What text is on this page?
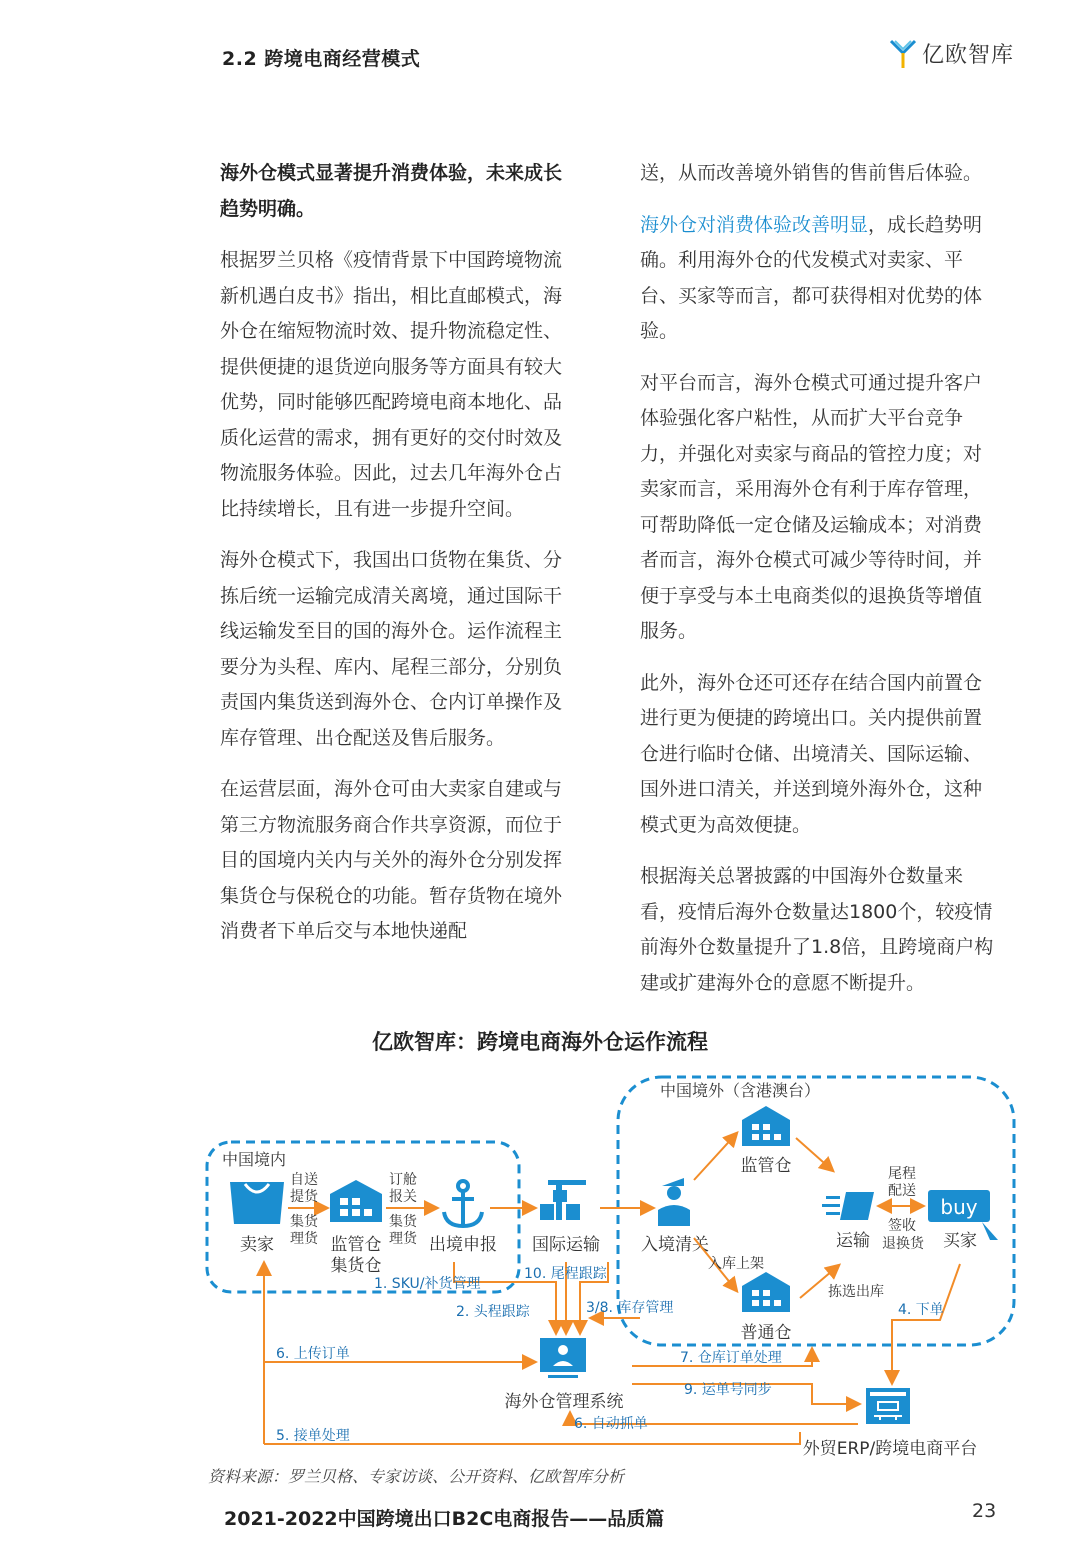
2.2 跨境电商经营模式	亿欧智库

海外仓模式显著提升消费体验，未来成长趋势明确。

根据罗兰贝格《疫情背景下中国跨境物流新机遇白皮书》指出，相比直邮模式，海外仓在缩短物流时效、提升物流稳定性、提供便捷的退货逆向服务等方面具有较大优势，同时能够匹配跨境电商本地化、品质化运营的需求，拥有更好的交付时效及物流服务体验。因此，过去几年海外仓占比持续增长，且有进一步提升空间。

海外仓模式下，我国出口货物在集货、分拣后统一运输完成清关离境，通过国际干线运输发至目的国的海外仓。运作流程主要分为头程、库内、尾程三部分，分别负责国内集货送到海外仓、仓内订单操作及库存管理、出仓配送及售后服务。

在运营层面，海外仓可由大卖家自建或与第三方物流服务商合作共享资源，而位于目的国境内关内与关外的海外仓分别发挥集货仓与保税仓的功能。暂存货物在境外消费者下单后交与本地快递配

送，从而改善境外销售的售前售后体验。

海外仓对消费体验改善明显，成长趋势明确。利用海外仓的代发模式对卖家、平台、买家等而言，都可获得相对优势的体验。

对平台而言，海外仓模式可通过提升客户体验强化客户粘性，从而扩大平台竞争力，并强化对卖家与商品的管控力度；对卖家而言，采用海外仓有利于库存管理，可帮助降低一定仓储及运输成本；对消费者而言，海外仓模式可减少等待时间，并便于享受与本土电商类似的退换货等增值服务。

此外，海外仓还可还存在结合国内前置仓进行更为便捷的跨境出口。关内提供前置仓进行临时仓储、出境清关、国际运输、国外进口清关，并送到境外海外仓，这种模式更为高效便捷。

根据海关总署披露的中国海外仓数量来看，疫情后海外仓数量达1800个，较疫情前海外仓数量提升了1.8倍，且跨境商户构建或扩建海外仓的意愿不断提升。

亿欧智库：跨境电商海外仓运作流程
中国境内
中国境外（含港澳台）
卖家	监管仓
集货仓
出境申报 国际运输 入境清关
监管仓
普通仓
运输
buy
买家
海外仓管理系统
外贸ERP/跨境电商平台
自送
提货
集货
理货
订舱
报关
集货
理货
尾程
配送
签收
退换货
入库上架
拣选出库
1. SKU/补货管理
2. 头程跟踪	3/8. 库存管理
10. 尾程跟踪
4. 下单
6. 上传订单
5. 接单处理
7. 仓库订单处理
9. 运单号同步
6. 自动抓单
资料来源：罗兰贝格、专家访谈、公开资料、亿欧智库分析
2021-2022中国跨境出口B2C电商报告——品质篇	23
